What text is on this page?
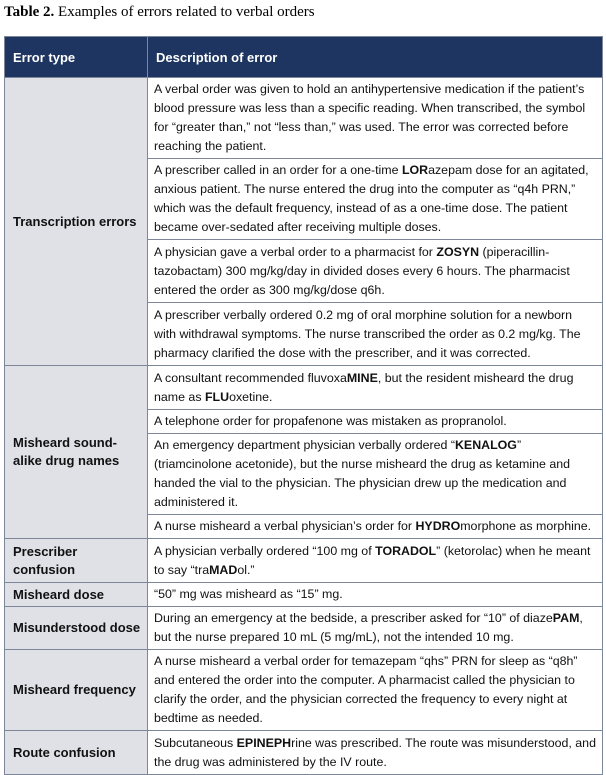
Table 2. Examples of errors related to verbal orders
Error type	Description of error
Transcription errors	A verbal order was given to hold an antihypertensive medication if the patient’s blood pressure was less than a specific reading. When transcribed, the symbol for “greater than,” not “less than,” was used. The error was corrected before reaching the patient.
	A prescriber called in an order for a one-time LORazepam dose for an agitated, anxious patient. The nurse entered the drug into the computer as “q4h PRN,” which was the default frequency, instead of as a one-time dose. The patient became over-sedated after receiving multiple doses.
	A physician gave a verbal order to a pharmacist for ZOSYN (piperacillin-tazobactam) 300 mg/kg/day in divided doses every 6 hours. The pharmacist entered the order as 300 mg/kg/dose q6h.
	A prescriber verbally ordered 0.2 mg of oral morphine solution for a newborn with withdrawal symptoms. The nurse transcribed the order as 0.2 mg/kg. The pharmacy clarified the dose with the prescriber, and it was corrected.
Misheard sound-alike drug names	A consultant recommended fluvoxaMINE, but the resident misheard the drug name as FLUoxetine.
	A telephone order for propafenone was mistaken as propranolol.
	An emergency department physician verbally ordered “KENALOG” (triamcinolone acetonide), but the nurse misheard the drug as ketamine and handed the vial to the physician. The physician drew up the medication and administered it.
	A nurse misheard a verbal physician’s order for HYDROmorphone as morphine.
Prescriber confusion	A physician verbally ordered “100 mg of TORADOL” (ketorolac) when he meant to say “traMADol.”
Misheard dose	“50” mg was misheard as “15” mg.
Misunderstood dose	During an emergency at the bedside, a prescriber asked for “10” of diazePAM, but the nurse prepared 10 mL (5 mg/mL), not the intended 10 mg.
Misheard frequency	A nurse misheard a verbal order for temazepam “qhs” PRN for sleep as “q8h” and entered the order into the computer. A pharmacist called the physician to clarify the order, and the physician corrected the frequency to every night at bedtime as needed.
Route confusion	Subcutaneous EPINEPHrine was prescribed. The route was misunderstood, and the drug was administered by the IV route.
